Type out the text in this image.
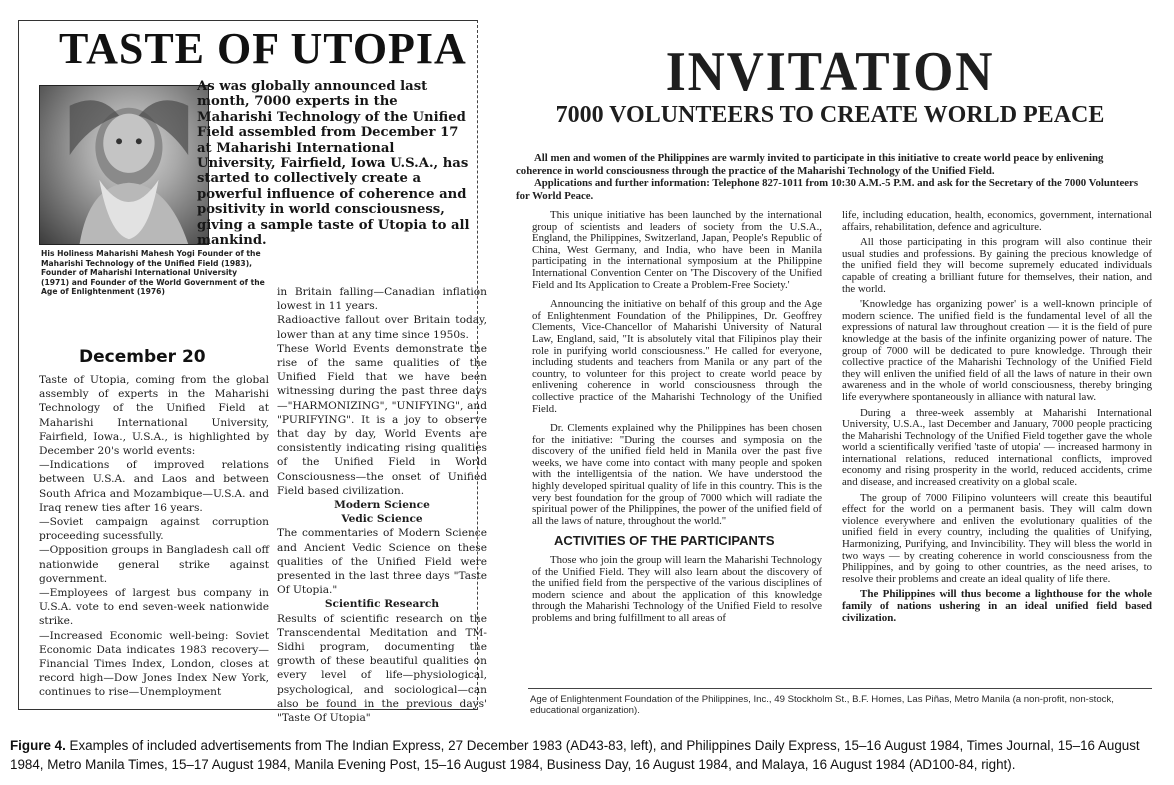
TASTE OF UTOPIA
As was globally announced last month, 7000 experts in the Maharishi Technology of the Unified Field assembled from December 17 at Maharishi International University, Fairfield, Iowa U.S.A., has started to collectively create a powerful influence of coherence and positivity in world consciousness, giving a sample taste of Utopia to all mankind.
His Holiness Maharishi Mahesh Yogi Founder of the Maharishi Technology of the Unified Field (1983), Founder of Maharishi International University (1971) and Founder of the World Government of the Age of Enlightenment (1976)
December 20

Taste of Utopia, coming from the global assembly of experts in the Maharishi Technology of the Unified Field at Maharishi International University, Fairfield, Iowa., U.S.A., is highlighted by December 20's world events:

—Indications of improved relations between U.S.A. and Laos and between South Africa and Mozambique—U.S.A. and Iraq renew ties after 16 years.

—Soviet campaign against corruption proceeding sucessfully.

—Opposition groups in Bangladesh call off nationwide general strike against government.

—Employees of largest bus company in U.S.A. vote to end seven-week nationwide strike.

—Increased Economic well-being: Soviet Economic Data indicates 1983 recovery—Financial Times Index, London, closes at record high—Dow Jones Index New York, continues to rise—Unemployment

in Britain falling—Canadian inflation lowest in 11 years.

Radioactive fallout over Britain today, lower than at any time since 1950s.

These World Events demonstrate the rise of the same qualities of the Unified Field that we have been witnessing during the past three days—"HARMONIZING", "UNIFYING", and "PURIFYING". It is a joy to observe that day by day, World Events are consistently indicating rising qualities of the Unified Field in World Consciousness—the onset of Unified Field based civilization.

Modern Science

Vedic Science

The commentaries of Modern Science and Ancient Vedic Science on these qualities of the Unified Field were presented in the last three days "Taste Of Utopia."

Scientific Research

Results of scientific research on the Transcendental Meditation and TM-Sidhi program, documenting the growth of these beautiful qualities on every level of life—physiological, psychological, and sociological—can also be found in the previous days' "Taste Of Utopia"

INVITATION
7000 VOLUNTEERS TO CREATE WORLD PEACE

All men and women of the Philippines are warmly invited to participate in this initiative to create world peace by enlivening coherence in world consciousness through the practice of the Maharishi Technology of the Unified Field.

Applications and further information: Telephone 827-1011 from 10:30 A.M.-5 P.M. and ask for the Secretary of the 7000 Volunteers for World Peace.

This unique initiative has been launched by the international group of scientists and leaders of society from the U.S.A., England, the Philippines, Switzerland, Japan, People's Republic of China, West Germany, and India, who have been in Manila participating in the international symposium at the Philippine International Convention Center on 'The Discovery of the Unified Field and Its Application to Create a Problem-Free Society.'

Announcing the initiative on behalf of this group and the Age of Enlightenment Foundation of the Philippines, Dr. Geoffrey Clements, Vice-Chancellor of Maharishi University of Natural Law, England, said, "It is absolutely vital that Filipinos play their role in purifying world consciousness." He called for everyone, including students and teachers from Manila or any part of the country, to volunteer for this project to create world peace by enlivening coherence in world consciousness through the collective practice of the Maharishi Technology of the Unified Field.

Dr. Clements explained why the Philippines has been chosen for the initiative: "During the courses and symposia on the discovery of the unified field held in Manila over the past five weeks, we have come into contact with many people and spoken with the intelligentsia of the nation. We have understood the highly developed spiritual quality of life in this country. This is the very best foundation for the group of 7000 which will radiate the spiritual power of the Philippines, the power of the unified field of all the laws of nature, throughout the world."

ACTIVITIES OF THE PARTICIPANTS

Those who join the group will learn the Maharishi Technology of the Unified Field. They will also learn about the discovery of the unified field from the perspective of the various disciplines of modern science and about the application of this knowledge through the Maharishi Technology of the Unified Field to resolve problems and bring fulfillment to all areas of

life, including education, health, economics, government, international affairs, rehabilitation, defence and agriculture.

All those participating in this program will also continue their usual studies and professions. By gaining the precious knowledge of the unified field they will become supremely educated individuals capable of creating a brilliant future for themselves, their nation, and the world.

'Knowledge has organizing power' is a well-known principle of modern science. The unified field is the fundamental level of all the expressions of natural law throughout creation — it is the field of pure knowledge at the basis of the infinite organizing power of nature. The group of 7000 will be dedicated to pure knowledge. Through their collective practice of the Maharishi Technology of the Unified Field they will enliven the unified field of all the laws of nature in their own awareness and in the whole of world consciousness, thereby bringing life everywhere spontaneously in alliance with natural law.

During a three-week assembly at Maharishi International University, U.S.A., last December and January, 7000 people practicing the Maharishi Technology of the Unified Field together gave the whole world a scientifically verified 'taste of utopia' — increased harmony in international relations, reduced international conflicts, improved economy and rising prosperity in the world, reduced accidents, crime and disease, and increased creativity on a global scale.

The group of 7000 Filipino volunteers will create this beautiful effect for the world on a permanent basis. They will calm down violence everywhere and enliven the evolutionary qualities of the unified field in every country, including the qualities of Unifying, Harmonizing, Purifying, and Invincibility. They will bless the world in two ways — by creating coherence in world consciousness from the Philippines, and by going to other countries, as the need arises, to resolve their problems and create an ideal quality of life there.

The Philippines will thus become a lighthouse for the whole family of nations ushering in an ideal unified field based civilization.

Age of Enlightenment Foundation of the Philippines, Inc., 49 Stockholm St., B.F. Homes, Las Piñas, Metro Manila (a non-profit, non-stock, educational organization).
Figure 4. Examples of included advertisements from The Indian Express, 27 December 1983 (AD43-83, left), and Philippines Daily Express, 15–16 August 1984, Times Journal, 15–16 August 1984, Metro Manila Times, 15–17 August 1984, Manila Evening Post, 15–16 August 1984, Business Day, 16 August 1984, and Malaya, 16 August 1984 (AD100-84, right).
